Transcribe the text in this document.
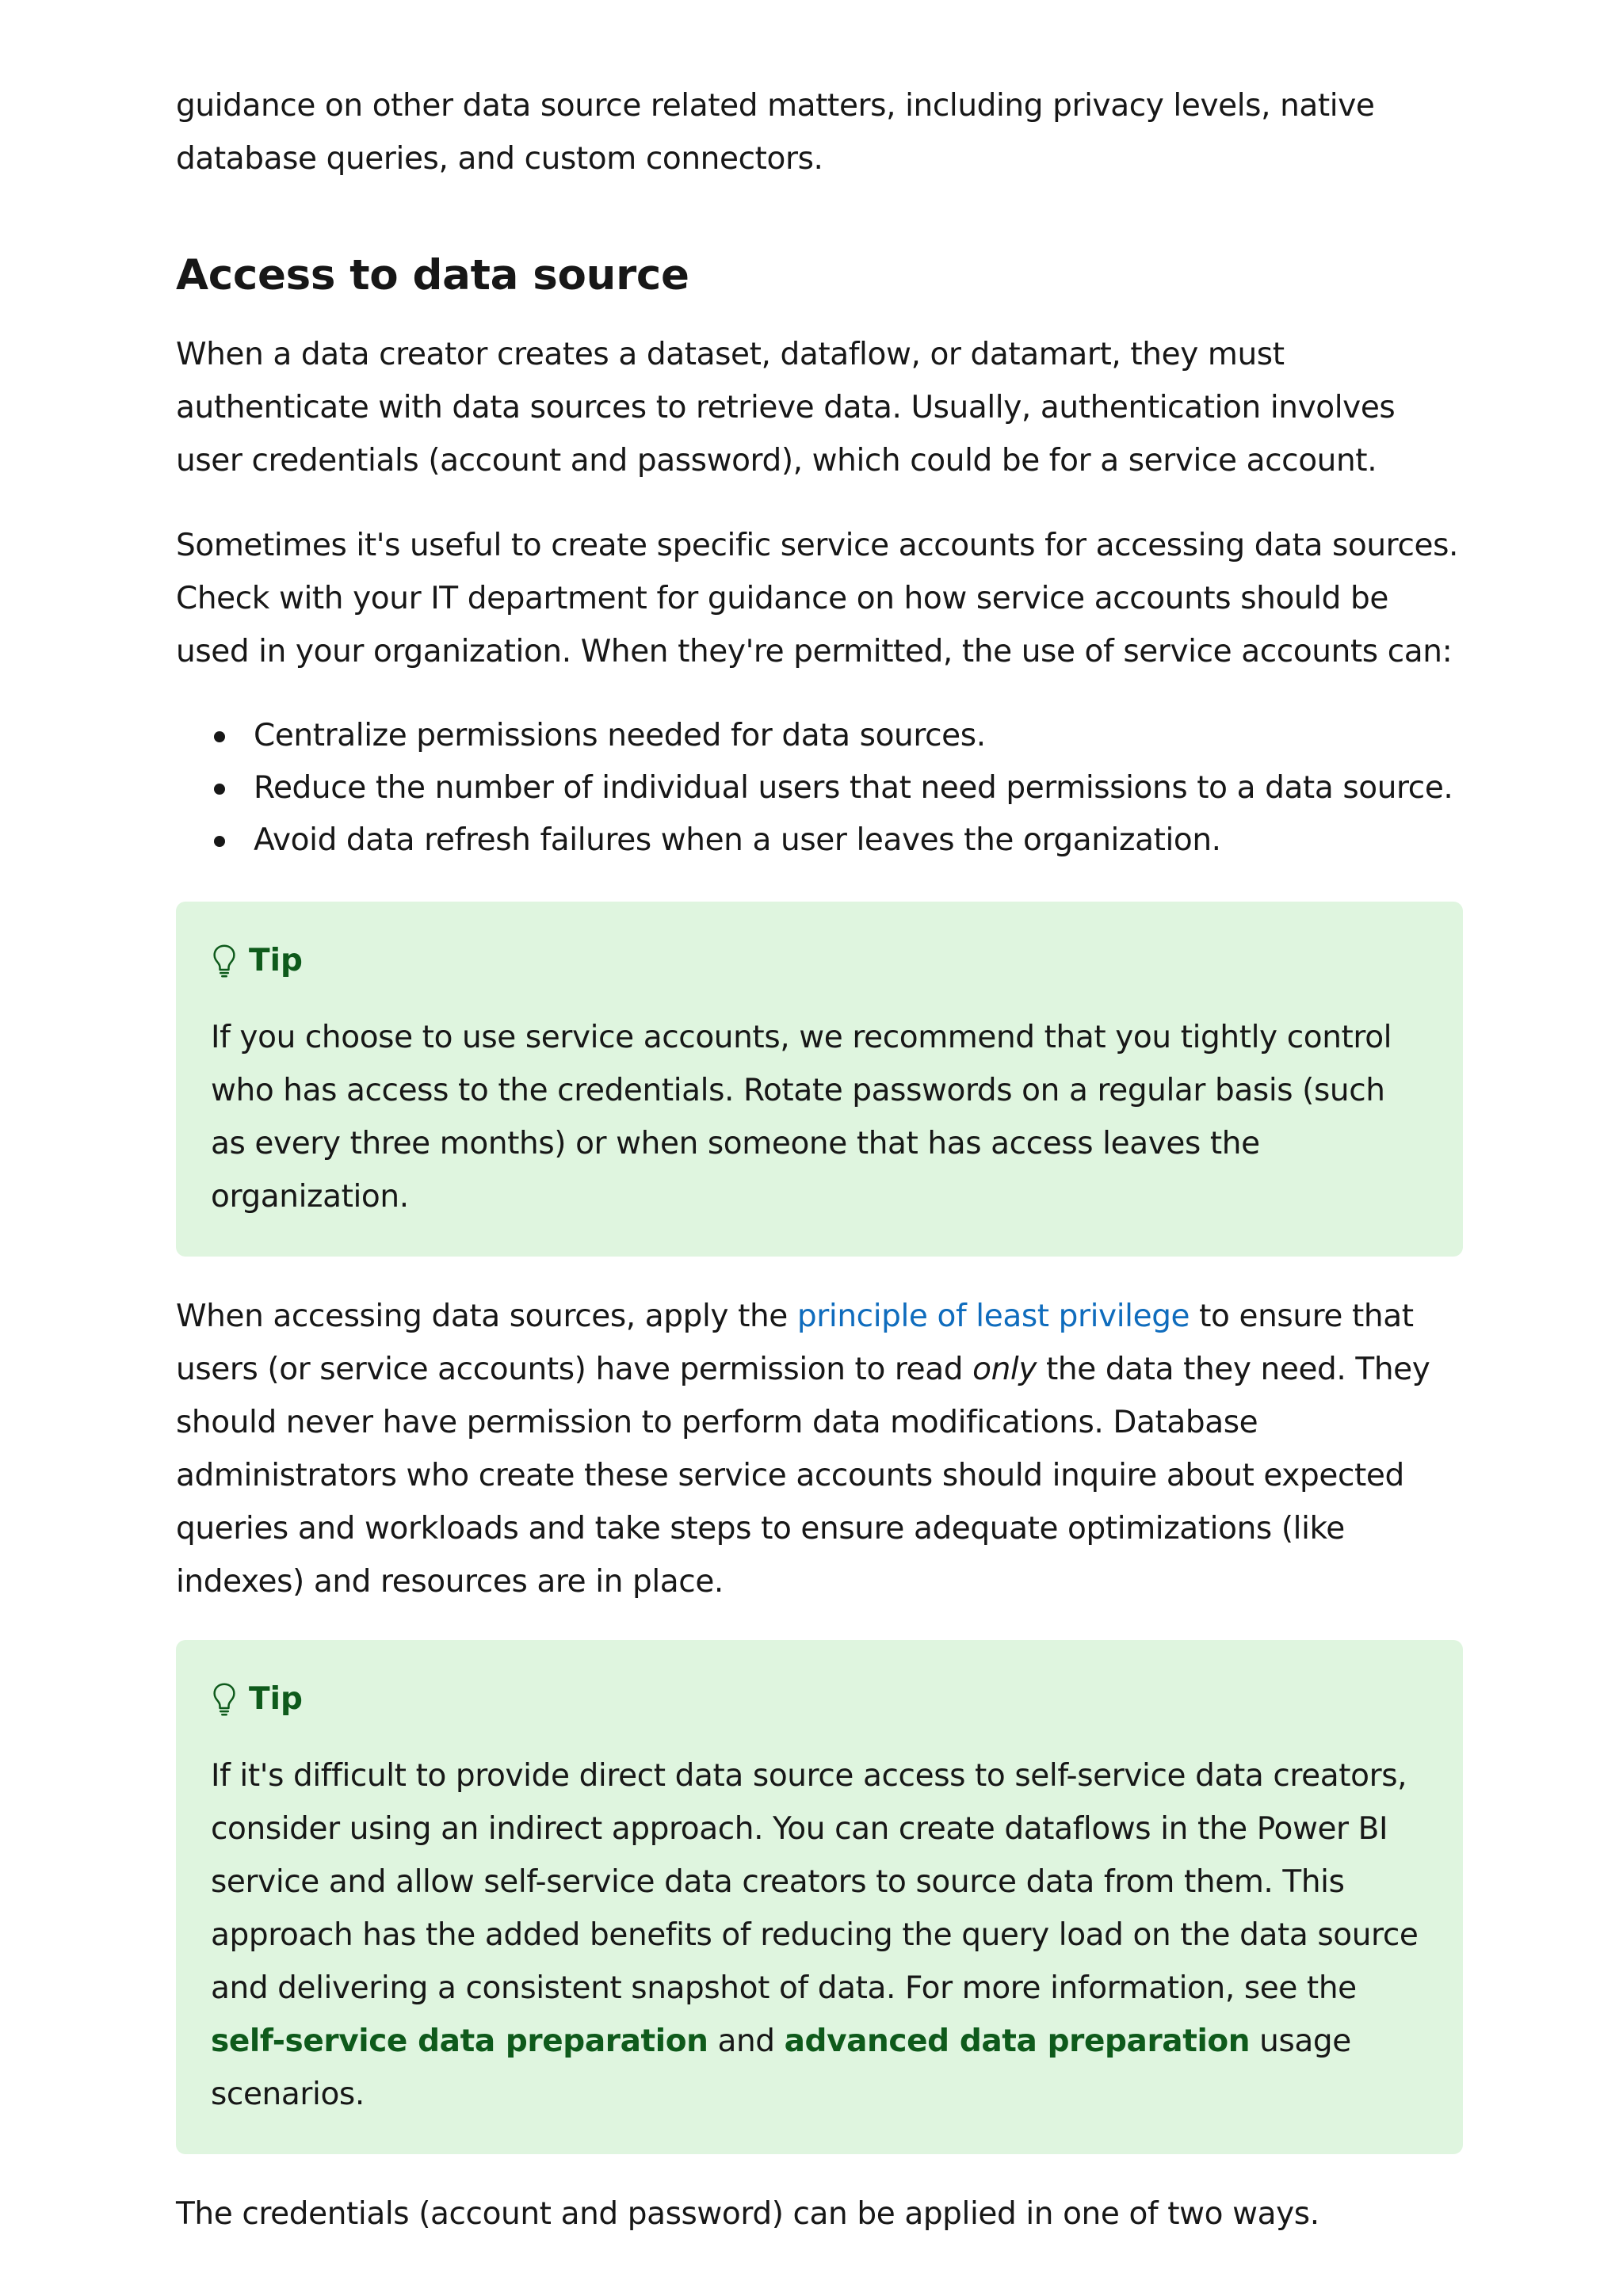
guidance on other data source related matters, including privacy levels, native database queries, and custom connectors.

Access to data source

When a data creator creates a dataset, dataflow, or datamart, they must authenticate with data sources to retrieve data. Usually, authentication involves user credentials (account and password), which could be for a service account.

Sometimes it's useful to create specific service accounts for accessing data sources. Check with your IT department for guidance on how service accounts should be used in your organization. When they're permitted, the use of service accounts can:

Centralize permissions needed for data sources.
Reduce the number of individual users that need permissions to a data source.
Avoid data refresh failures when a user leaves the organization.
Tip

If you choose to use service accounts, we recommend that you tightly control who has access to the credentials. Rotate passwords on a regular basis (such as every three months) or when someone that has access leaves the organization.

When accessing data sources, apply the principle of least privilege to ensure that users (or service accounts) have permission to read only the data they need. They should never have permission to perform data modifications. Database administrators who create these service accounts should inquire about expected queries and workloads and take steps to ensure adequate optimizations (like indexes) and resources are in place.

Tip

If it's difficult to provide direct data source access to self-service data creators, consider using an indirect approach. You can create dataflows in the Power BI service and allow self-service data creators to source data from them. This approach has the added benefits of reducing the query load on the data source and delivering a consistent snapshot of data. For more information, see the self-service data preparation and advanced data preparation usage scenarios.

The credentials (account and password) can be applied in one of two ways.
